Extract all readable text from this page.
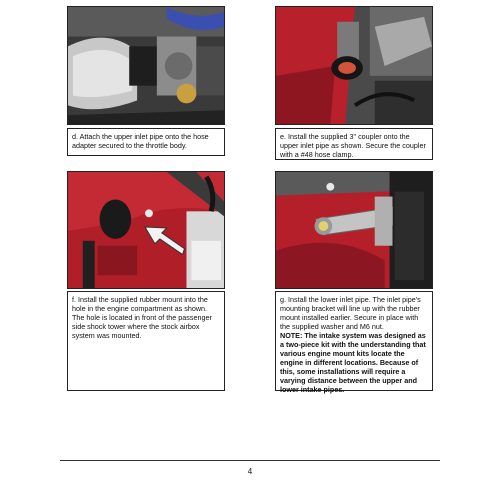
d. Attach the upper inlet pipe onto the hose adapter secured to the throttle body.
e. Install the supplied 3" coupler onto the upper inlet pipe as shown. Secure the coupler with a #48 hose clamp.
f. Install the supplied rubber mount into the hole in the engine compartment as shown. The hole is located in front of the passenger side shock tower where the stock airbox system was mounted.
g. Install the lower inlet pipe. The inlet pipe's mounting bracket will line up with the rubber mount installed earlier. Secure in place with the supplied washer and M6 nut.
NOTE: The intake system was designed as a two-piece kit with the understanding that various engine mount kits locate the engine in different locations. Because of this, some installations will require a varying distance between the upper and lower intake pipes.
4
